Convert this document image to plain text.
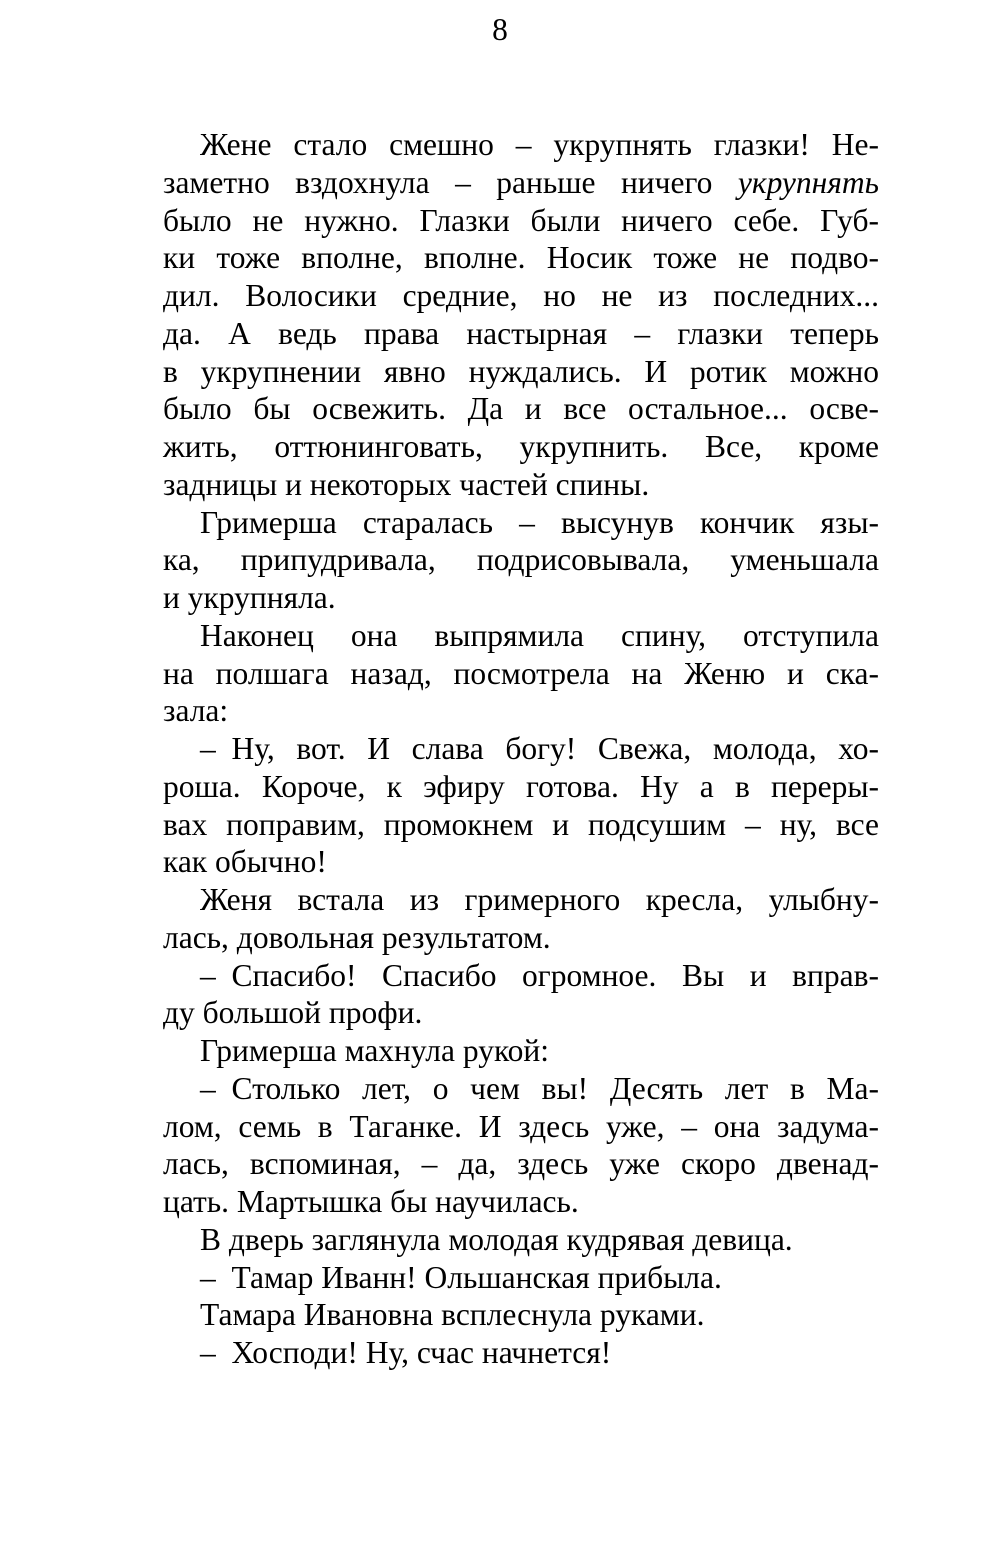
Жене стало смешно – укрупнять глазки! Не-
заметно вздохнула – раньше ничего укрупнять
было не нужно. Глазки были ничего себе. Губ-
ки тоже вполне, вполне. Носик тоже не подво-
дил. Волосики средние, но не из последних...
да. А ведь права настырная – глазки теперь
в укрупнении явно нуждались. И ротик можно
было бы освежить. Да и все остальное... осве-
жить, оттюнинговать, укрупнить. Все, кроме
задницы и некоторых частей спины.
Гримерша старалась – высунув кончик язы-
ка, припудривала, подрисовывала, уменьшала
и укрупняла.
Наконец она выпрямила спину, отступила
на полшага назад, посмотрела на Женю и ска-
зала:
– Ну, вот. И слава богу! Свежа, молода, хо-
роша. Короче, к эфиру готова. Ну а в переры-
вах поправим, промокнем и подсушим – ну, все
как обычно!
Женя встала из гримерного кресла, улыбну-
лась, довольная результатом.
– Спасибо! Спасибо огромное. Вы и вправ-
ду большой профи.
Гримерша махнула рукой:
– Столько лет, о чем вы! Десять лет в Ма-
лом, семь в Таганке. И здесь уже, – она задума-
лась, вспоминая, – да, здесь уже скоро двенад-
цать. Мартышка бы научилась.
В дверь заглянула молодая кудрявая девица.
– Тамар Иванн! Ольшанская прибыла.
Тамара Ивановна всплеснула руками.
– Хосподи! Ну, счас начнется!
8
